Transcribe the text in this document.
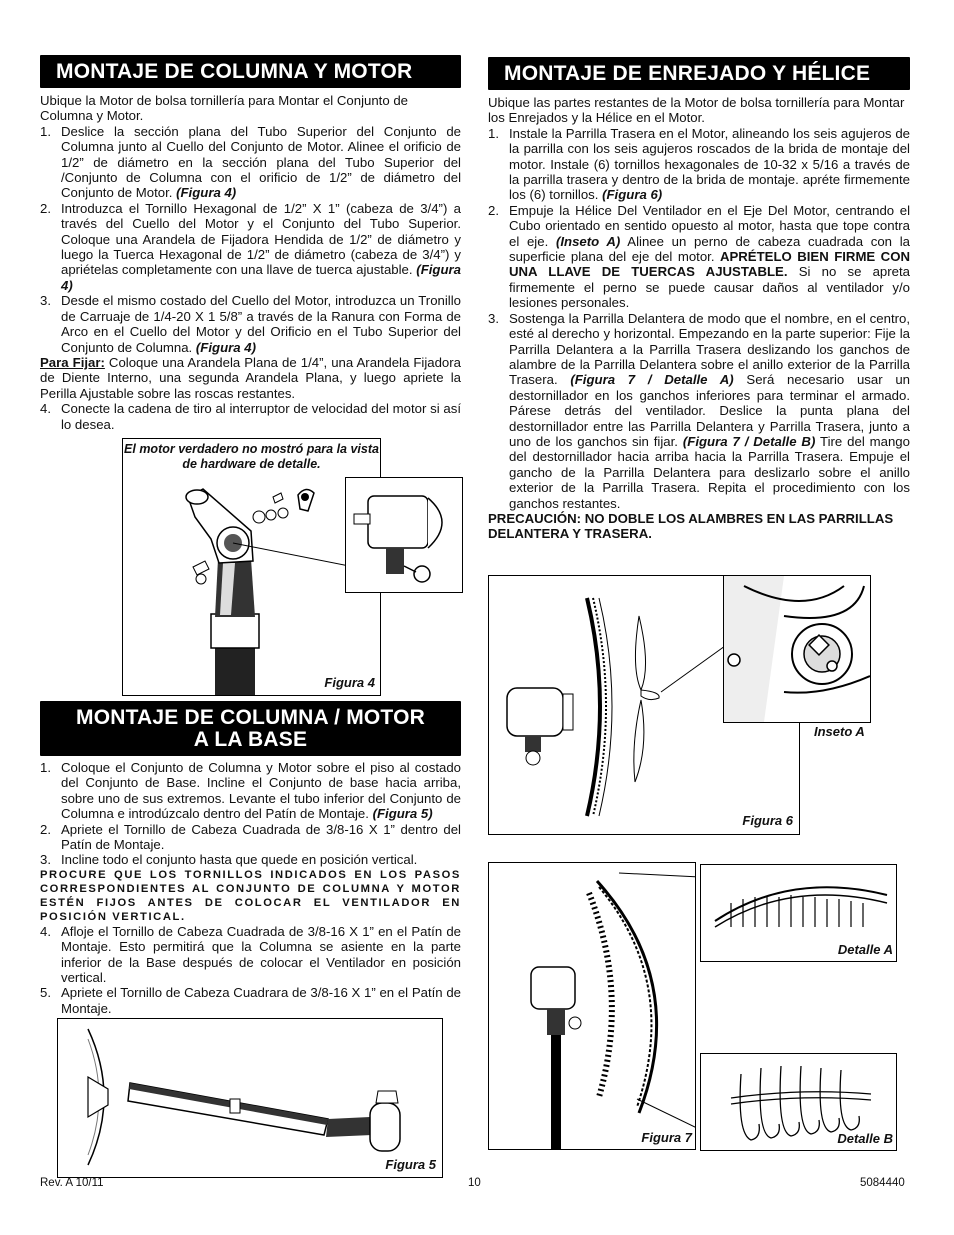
MONTAJE DE COLUMNA Y MOTOR

Ubique la Motor de bolsa tornillería para Montar el Conjunto de Columna y Motor.

1. Deslice la sección plana del Tubo Superior del Conjunto de Columna junto al Cuello del Conjunto de Motor. Alinee el orificio de 1/2” de diámetro en la sección plana del Tubo Superior del /Conjunto de Columna con el orificio de 1/2” de diámetro del Conjunto de Motor. (Figura 4)
2. Introduzca el Tornillo Hexagonal de 1/2” X 1” (cabeza de 3/4”) a través del Cuello del Motor y el Conjunto del Tubo Superior. Coloque una Arandela de Fijadora Hendida de 1/2” de diámetro y luego la Tuerca Hexagonal de 1/2” de diámetro (cabeza de 3/4”) y apriételas completamente con una llave de tuerca ajustable. (Figura 4)
3. Desde el mismo costado del Cuello del Motor, introduzca un Tronillo de Carruaje de 1/4-20 X 1 5/8” a través de la Ranura con Forma de Arco en el Cuello del Motor y del Orificio en el Tubo Superior del Conjunto de Columna. (Figura 4)

Para Fijar: Coloque una Arandela Plana de 1/4”, una Arandela Fijadora de Diente Interno, una segunda Arandela Plana, y luego apriete la Perilla Ajustable sobre las roscas restantes.

4. Conecte la cadena de tiro al interruptor de velocidad del motor si así lo desea.
El motor verdadero no mostró para la vista de hardware de detalle.
Figura 4
MONTAJE DE COLUMNA / MOTOR
A LA BASE
1. Coloque el Conjunto de Columna y Motor sobre el piso al costado del Conjunto de Base. Incline el Conjunto de base hacia arriba, sobre uno de sus extremos. Levante el tubo inferior del Conjunto de Columna e introdúzcalo dentro del Patín de Montaje. (Figura 5)
2. Apriete el Tornillo de Cabeza Cuadrada de 3/8-16 X 1” dentro del Patín de Montaje.
3. Incline todo el conjunto hasta que quede en posición vertical.

PROCURE QUE LOS TORNILLOS INDICADOS EN LOS PASOS CORRESPONDIENTES AL CONJUNTO DE COLUMNA Y MOTOR ESTÉN FIJOS ANTES DE COLOCAR EL VENTILADOR EN POSICIÓN VERTICAL.

4. Afloje el Tornillo de Cabeza Cuadrada de 3/8-16 X 1” en el Patín de Montaje. Esto permitirá que la Columna se asiente en la parte inferior de la Base después de colocar el Ventilador en posición vertical.
5. Apriete el Tornillo de Cabeza Cuadrara de 3/8-16 X 1” en el Patín de Montaje.
Figura 5
MONTAJE DE ENREJADO Y HÉLICE

Ubique las partes restantes de la Motor de bolsa tornillería para Montar los Enrejados y la Hélice en el Motor.

1. Instale la Parrilla Trasera en el Motor, alineando los seis agujeros de la parrilla con los seis agujeros roscados de la brida de montaje del motor. Instale (6) tornillos hexagonales de 10-32 x 5/16 a través de la parrilla trasera y dentro de la brida de montaje. apréte firmemente los (6) tornillos. (Figura 6)
2. Empuje la Hélice Del Ventilador en el Eje Del Motor, centrando el Cubo orientado en sentido opuesto al motor, hasta que tope contra el eje. (Inseto A) Alinee un perno de cabeza cuadrada con la superficie plana del eje del motor. APRÉTELO BIEN FIRME CON UNA LLAVE DE TUERCAS AJUSTABLE. Si no se apreta firmemente el perno se puede causar daños al ventilador y/o lesiones personales.
3. Sostenga la Parrilla Delantera de modo que el nombre, en el centro, esté al derecho y horizontal. Empezando en la parte superior: Fije la Parrilla Delantera a la Parrilla Trasera deslizando los ganchos de alambre de la Parrilla Delantera sobre el anillo exterior de la Parrilla Trasera. (Figura 7 / Detalle A) Será necesario usar un destornillador en los ganchos inferiores para terminar el armado. Párese detrás del ventilador. Deslice la punta plana del destornillador entre las Parrilla Delantera y Parrilla Trasera, junto a uno de los ganchos sin fijar. (Figura 7 / Detalle B) Tire del mango del destornillador hacia arriba hacia la Parrilla Trasera. Empuje el gancho de la Parrilla Delantera para deslizarlo sobre el anillo exterior de la Parrilla Trasera. Repita el procedimiento con los ganchos restantes.

PRECAUCIÓN: NO DOBLE LOS ALAMBRES EN LAS PARRILLAS DELANTERA Y TRASERA.

Figura 6
Inseto A
Figura 7
Detalle A
Detalle B
Rev. A 10/11	10	5084440
